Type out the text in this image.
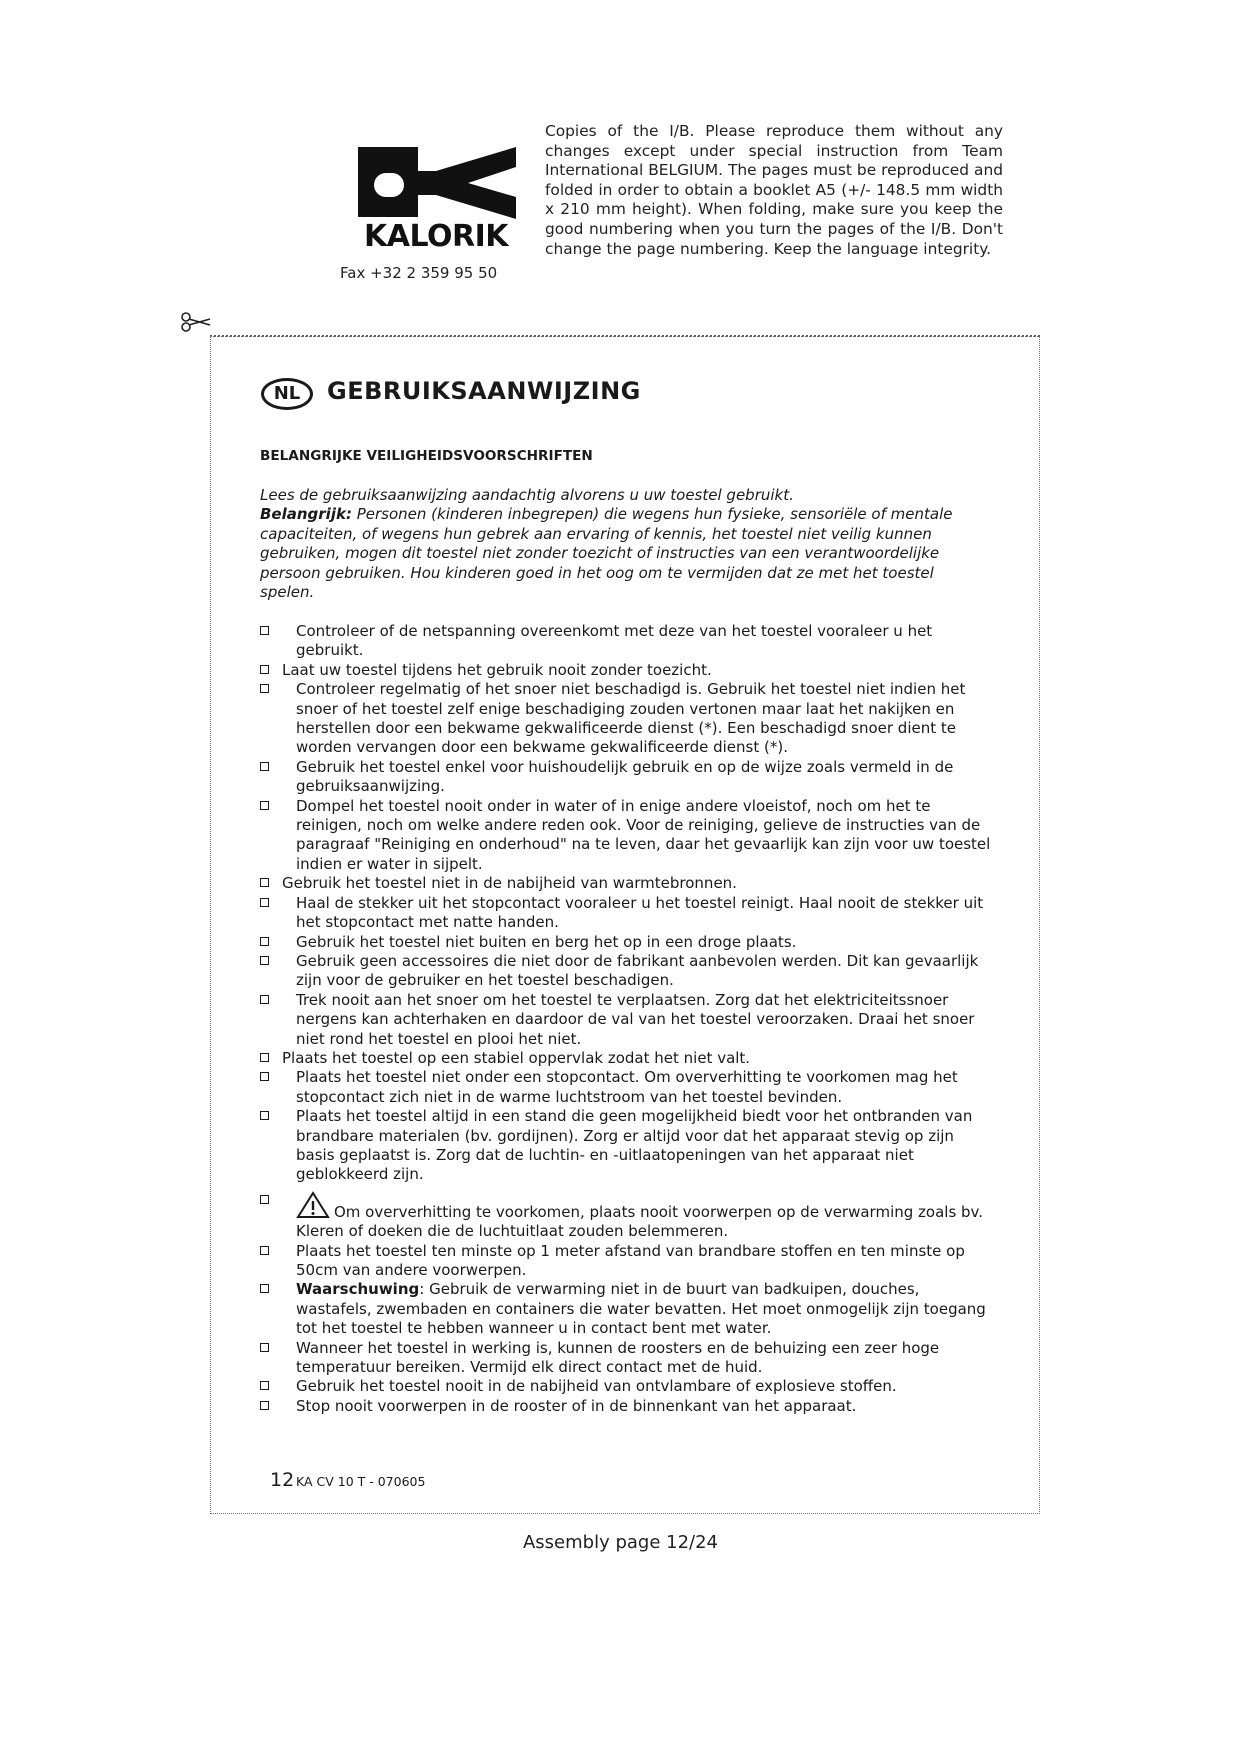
KALORIK
Fax +32 2 359 95 50
Copies of the I/B. Please reproduce them without any changes except under special instruction from Team International BELGIUM. The pages must be reproduced and folded in order to obtain a booklet A5 (+/- 148.5 mm width x 210 mm height). When folding, make sure you keep the good numbering when you turn the pages of the I/B. Don't change the page numbering. Keep the language integrity.
NL	GEBRUIKSAANWIJZING
BELANGRIJKE VEILIGHEIDSVOORSCHRIFTEN
Lees de gebruiksaanwijzing aandachtig alvorens u uw toestel gebruikt.
Belangrijk: Personen (kinderen inbegrepen) die wegens hun fysieke, sensoriële of mentale capaciteiten, of wegens hun gebrek aan ervaring of kennis, het toestel niet veilig kunnen gebruiken, mogen dit toestel niet zonder toezicht of instructies van een verantwoordelijke persoon gebruiken. Hou kinderen goed in het oog om te vermijden dat ze met het toestel spelen.
Controleer of de netspanning overeenkomt met deze van het toestel vooraleer u het gebruikt.
Laat uw toestel tijdens het gebruik nooit zonder toezicht.
Controleer regelmatig of het snoer niet beschadigd is. Gebruik het toestel niet indien het snoer of het toestel zelf enige beschadiging zouden vertonen maar laat het nakijken en herstellen door een bekwame gekwalificeerde dienst (*). Een beschadigd snoer dient te worden vervangen door een bekwame gekwalificeerde dienst (*).
Gebruik het toestel enkel voor huishoudelijk gebruik en op de wijze zoals vermeld in de gebruiksaanwijzing.
Dompel het toestel nooit onder in water of in enige andere vloeistof, noch om het te reinigen, noch om welke andere reden ook. Voor de reiniging, gelieve de instructies van de paragraaf "Reiniging en onderhoud" na te leven, daar het gevaarlijk kan zijn voor uw toestel indien er water in sijpelt.
Gebruik het toestel niet in de nabijheid van warmtebronnen.
Haal de stekker uit het stopcontact vooraleer u het toestel reinigt. Haal nooit de stekker uit het stopcontact met natte handen.
Gebruik het toestel niet buiten en berg het op in een droge plaats.
Gebruik geen accessoires die niet door de fabrikant aanbevolen werden. Dit kan gevaarlijk zijn voor de gebruiker en het toestel beschadigen.
Trek nooit aan het snoer om het toestel te verplaatsen. Zorg dat het elektriciteitssnoer nergens kan achterhaken en daardoor de val van het toestel veroorzaken. Draai het snoer niet rond het toestel en plooi het niet.
Plaats het toestel op een stabiel oppervlak zodat het niet valt.
Plaats het toestel niet onder een stopcontact. Om oververhitting te voorkomen mag het stopcontact zich niet in de warme luchtstroom van het toestel bevinden.
Plaats het toestel altijd in een stand die geen mogelijkheid biedt voor het ontbranden van brandbare materialen (bv. gordijnen). Zorg er altijd voor dat het apparaat stevig op zijn basis geplaatst is. Zorg dat de luchtin- en -uitlaatopeningen van het apparaat niet geblokkeerd zijn.
Om oververhitting te voorkomen, plaats nooit voorwerpen op de verwarming zoals bv. Kleren of doeken die de luchtuitlaat zouden belemmeren.
Plaats het toestel ten minste op 1 meter afstand van brandbare stoffen en ten minste op 50cm van andere voorwerpen.
Waarschuwing: Gebruik de verwarming niet in de buurt van badkuipen, douches, wastafels, zwembaden en containers die water bevatten. Het moet onmogelijk zijn toegang tot het toestel te hebben wanneer u in contact bent met water.
Wanneer het toestel in werking is, kunnen de roosters en de behuizing een zeer hoge temperatuur bereiken. Vermijd elk direct contact met de huid.
Gebruik het toestel nooit in de nabijheid van ontvlambare of explosieve stoffen.
Stop nooit voorwerpen in de rooster of in de binnenkant van het apparaat.
12 KA CV 10 T - 070605
Assembly page 12/24
